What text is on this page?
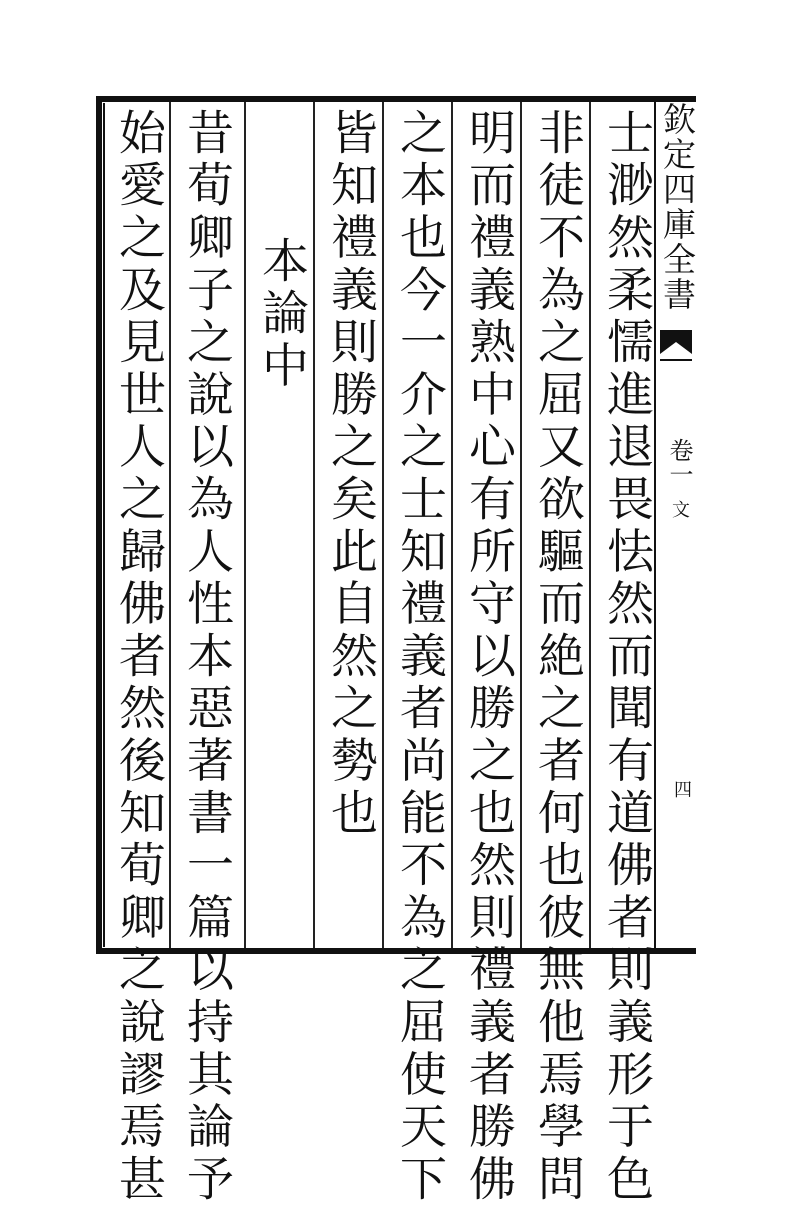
欽定四庫全書
文
卷一
四
士渺然柔懦進退畏怯然而聞有道佛者則義形于色
非徒不為之屈又欲驅而絶之者何也彼無他焉學問
明而禮義熟中心有所守以勝之也然則禮義者勝佛
之本也今一介之士知禮義者尚能不為之屈使天下
皆知禮義則勝之矣此自然之勢也
本論中
昔荀卿子之說以為人性本惡著書一篇以持其論予
始愛之及見世人之歸佛者然後知荀卿之說謬焉甚
